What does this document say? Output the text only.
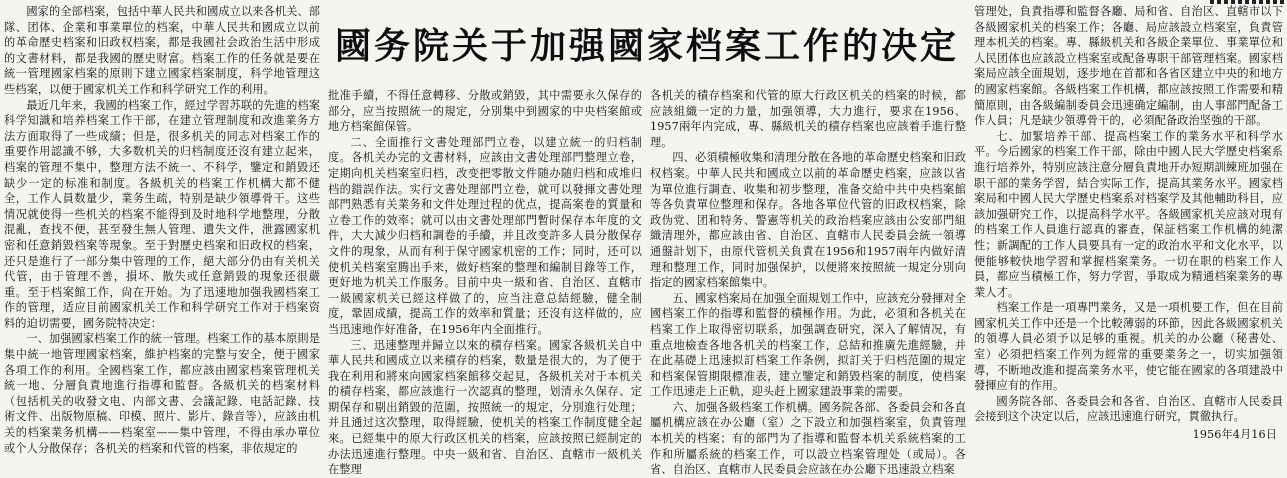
國务院关于加强國家档案工作的决定

國家的全部档案，包括中華人民共和國成立以来各机关、部隊、团体、企業和事業單位的档案，中華人民共和國成立以前的革命歷史档案和旧政权档案，都是我國社会政治生活中形成的文書材料，都是我國的歷史财富。档案工作的任务就是要在統一管理國家档案的原則下建立國家档案制度，科学地管理这些档案，以便于國家机关工作和科学研究工作的利用。

最近几年来，我國的档案工作，經过学習苏联的先進的档案科学知識和培养档案工作干部，在建立管理制度和改進業务方法方面取得了一些成績；但是，很多机关的同志对档案工作的重要作用認識不够，大多数机关的归档制度还沒有建立起来，档案的管理不集中，整理方法不統一、不科学，鑒定和銷毀还缺少一定的标准和制度。各級机关的档案工作机構大都不健全，工作人員数量少，業务生疏，特别是缺少領導骨干。这些情况就使得一些机关的档案不能得到及时地科学地整理，分散混亂，查找不便，甚至發生無人管理、遺失文件，泄露國家机密和任意銷毀档案等現象。至于對歷史档案和旧政权的档案，还只是進行了一部分集中管理的工作，絕大部分仍由有关机关代管，由于管理不善，損坏、散失或任意銷毀的現象还很嚴重。至于档案館工作，尙在开始。为了迅速地加强我國档案工作的管理，适应目前國家机关工作和科学研究工作对于档案资料的迫切需要，國务院特决定：

一、加强國家档案工作的統一管理。档案工作的基本原則是集中統一地管理國家档案，維护档案的完整与安全，便于國家各項工作的利用。全國档案工作，都应該由國家档案管理机关統一地、分層負責地進行指導和監督。各級机关的档案材料（包括机关的收發文电、内部文書、会議記錄、电話記錄、技術文件、出版物原稿、印模、照片、影片、錄音等），应該由机关的档案業务机構——档案室——集中管理，不得由承办單位或个人分散保存；各机关的档案和代管的档案，非依規定的

批准手續，不得任意轉移、分散或銷毀，其中需要永久保存的部分，应当按照統一的規定，分別集中到國家的中央档案館或地方档案館保管。

二、全面推行文書处理部門立卷，以建立統一的归档制度。各机关办完的文書材料，应該由文書处理部門整理立卷，定期向机关档案室归档，改变把零散文件随办随归档和成堆归档的錯誤作法。实行文書处理部門立卷，就可以發揮文書处理部門熟悉有关業务和文件处理过程的优点，提高案卷的質量和立卷工作的效率；就可以由文書处理部門暫时保存本年度的文件，大大減少归档和調卷的手續，并且改变許多人員分散保存文件的現象，从而有利于保守國家机密的工作；同时，还可以使机关档案室腾出手来，做好档案的整理和編制目錄等工作，更好地为机关工作服务。目前中央一級和省、自治区、直轄市一級國家机关已經这样做了的，应当注意总結經驗，健全制度，鞏固成績，提高工作的效率和質量；还沒有这样做的，应当迅速地作好准备，在1956年内全面推行。

三、迅速整理并歸立以來的積存档案。國家各級机关自中華人民共和國成立以来積存的档案，数量是很大的，为了便于我在利用和將來向國家档案館移交起見，各級机关对于本机关的積存档案，都应該進行一次認真的整理，划清永久保存、定期保存和剔出銷毀的范圍，按照統一的規定，分別進行处理；并且通过这次整理，取得經驗，使机关的档案工作制度健全起來。已經集中的原大行政区机关的档案，应該按照已經制定的办法迅速進行整理。中央一級和省、自治区、直轄市一級机关在整理

各机关的積存档案和代管的原大行政区机关的档案的时候，都应該組織一定的力量，加强領導，大力進行，要求在1956、1957兩年内完成，專、縣級机关的積存档案也应該着手進行整理。

四、必須積極收集和清理分散在各地的革命歷史档案和旧政权档案。中華人民共和國成立以前的革命歷史档案，应該以省为單位進行調查、收集和初步整理，准备交給中共中央档案館等各负責單位整理和保存。各地各單位代管的旧政权档案，除政伪党、团和特务、警憲等机关的政治档案应該由公安部門組織清理外，都应該由省、自治区、直轄市人民委員会統一領導通盤計划下，由原代管机关負責在1956和1957兩年内做好清理和整理工作，同时加强保护，以便將來按照統一規定分別向指定的國家档案館集中。

五、國家档案局在加强全面規划工作中，应該充分發揮对全國档案工作的指導和監督的積極作用。为此，必須和各机关在档案工作上取得密切联系，加强調查研究，深入了解情况，有重点地檢查各地各机关的档案工作，总結和推廣先進經驗，并在此基礎上迅速拟訂档案工作条例，拟訂关于归档范圍的規定和档案保管期限標准表，建立鑒定和銷毀档案的制度，使档案工作迅速走上正軌，迎头赶上國家建設事業的需要。

六、加强各級档案工作机構。國务院各部、各委員会和各直屬机構应該在办公廳（室）之下設立和加强档案室，负責管理本机关的档案；有的部門为了指導和監督本机关系統档案的工作和所屬系統的档案工作，可以設立档案管理处（或局）。各省、自治区、直轄市人民委員会应該在办公廳下迅速設立档案

管理处，負責指導和監督各廳、局和省、自治区、直轄市以下各級國家机关的档案工作；各廳、局应該設立档案室，負責管理本机关的档案。專、縣級机关和各級企業單位、事業單位和人民团体也应該設立档案室或配备專职干部管理档案。國家档案局应該全面規划，逐步地在首都和各省区建立中央的和地方的國家档案館。各級档案工作机構，都应該按照工作需要和精簡原則，由各級編制委員会迅速确定編制，由人事部門配备工作人員；凡是缺少領導骨干的，必須配备政治坚強的干部。

七、加緊培养干部、提高档案工作的業务水平和科学水平。今后國家的档案工作干部，除由中國人民大学歷史档案系進行培养外，特别应該注意分層負責地开办短期訓練班加强在职干部的業务学習，結合实际工作，提高其業务水平。國家档案局和中國人民大学歷史档案系对档案学及其他輔助科目，应該加强研究工作，以提高科学水平。各級國家机关应該对現有的档案工作人員進行認真的審查，保証档案工作机構的純潔性；新調配的工作人員要具有一定的政治水平和文化水平，以便能够較快地学習和掌握档案業务。一切在职的档案工作人員，都应当積極工作，努力学習，爭取成为精通档案業务的專業人才。

档案工作是一項專門業务，又是一項机要工作，但在目前國家机关工作中还是一个比較薄弱的环節，因此各級國家机关的領導人員必須予以足够的重視。机关的办公廳（秘書处、室）必須把档案工作列为經常的重要業务之一，切实加强領導，不断地改進和提高業务水平，使它能在國家的各項建設中發揮应有的作用。

國务院各部、各委員会和各省、自治区、直轄市人民委員会接到这个决定以后，应該迅速進行研究，貫徹执行。

1956年4月16日
